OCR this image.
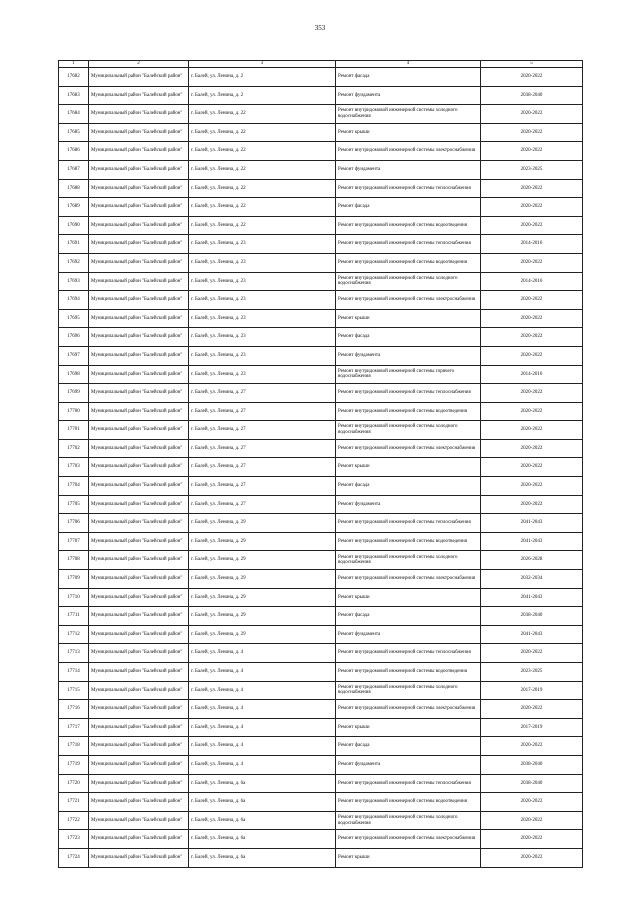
353
1	2	3	4	5
17682	Муниципальный район "Балейский район"	г. Балей, ул. Ленина, д. 2	Ремонт фасада	2020-2022
17683	Муниципальный район "Балейский район"	г. Балей, ул. Ленина, д. 2	Ремонт фундамента	2038-2040
17684	Муниципальный район "Балейский район"	г. Балей, ул. Ленина, д. 22	Ремонт внутридомовой инженерной системы холодного водоснабжения	2020-2022
17685	Муниципальный район "Балейский район"	г. Балей, ул. Ленина, д. 22	Ремонт крыши	2020-2022
17686	Муниципальный район "Балейский район"	г. Балей, ул. Ленина, д. 22	Ремонт внутридомовой инженерной системы электроснабжения	2020-2022
17687	Муниципальный район "Балейский район"	г. Балей, ул. Ленина, д. 22	Ремонт фундамента	2023-2025
17688	Муниципальный район "Балейский район"	г. Балей, ул. Ленина, д. 22	Ремонт внутридомовой инженерной системы теплоснабжения	2020-2022
17689	Муниципальный район "Балейский район"	г. Балей, ул. Ленина, д. 22	Ремонт фасада	2020-2022
17690	Муниципальный район "Балейский район"	г. Балей, ул. Ленина, д. 22	Ремонт внутридомовой инженерной системы водоотведения	2020-2022
17691	Муниципальный район "Балейский район"	г. Балей, ул. Ленина, д. 23	Ремонт внутридомовой инженерной системы теплоснабжения	2014-2016
17692	Муниципальный район "Балейский район"	г. Балей, ул. Ленина, д. 23	Ремонт внутридомовой инженерной системы водоотведения	2020-2022
17693	Муниципальный район "Балейский район"	г. Балей, ул. Ленина, д. 23	Ремонт внутридомовой инженерной системы холодного водоснабжения	2014-2016
17694	Муниципальный район "Балейский район"	г. Балей, ул. Ленина, д. 23	Ремонт внутридомовой инженерной системы электроснабжения	2020-2022
17695	Муниципальный район "Балейский район"	г. Балей, ул. Ленина, д. 23	Ремонт крыши	2020-2022
17696	Муниципальный район "Балейский район"	г. Балей, ул. Ленина, д. 23	Ремонт фасада	2020-2022
17697	Муниципальный район "Балейский район"	г. Балей, ул. Ленина, д. 23	Ремонт фундамента	2020-2022
17698	Муниципальный район "Балейский район"	г. Балей, ул. Ленина, д. 23	Ремонт внутридомовой инженерной системы горячего водоснабжения	2014-2016
17699	Муниципальный район "Балейский район"	г. Балей, ул. Ленина, д. 27	Ремонт внутридомовой инженерной системы теплоснабжения	2020-2022
17700	Муниципальный район "Балейский район"	г. Балей, ул. Ленина, д. 27	Ремонт внутридомовой инженерной системы водоотведения	2020-2022
17701	Муниципальный район "Балейский район"	г. Балей, ул. Ленина, д. 27	Ремонт внутридомовой инженерной системы холодного водоснабжения	2020-2022
17702	Муниципальный район "Балейский район"	г. Балей, ул. Ленина, д. 27	Ремонт внутридомовой инженерной системы электроснабжения	2020-2022
17703	Муниципальный район "Балейский район"	г. Балей, ул. Ленина, д. 27	Ремонт крыши	2020-2022
17704	Муниципальный район "Балейский район"	г. Балей, ул. Ленина, д. 27	Ремонт фасада	2020-2022
17705	Муниципальный район "Балейский район"	г. Балей, ул. Ленина, д. 27	Ремонт фундамента	2020-2022
17706	Муниципальный район "Балейский район"	г. Балей, ул. Ленина, д. 29	Ремонт внутридомовой инженерной системы теплоснабжения	2041-2043
17707	Муниципальный район "Балейский район"	г. Балей, ул. Ленина, д. 29	Ремонт внутридомовой инженерной системы водоотведения	2041-2043
17708	Муниципальный район "Балейский район"	г. Балей, ул. Ленина, д. 29	Ремонт внутридомовой инженерной системы холодного водоснабжения	2026-2028
17709	Муниципальный район "Балейский район"	г. Балей, ул. Ленина, д. 29	Ремонт внутридомовой инженерной системы электроснабжения	2032-2034
17710	Муниципальный район "Балейский район"	г. Балей, ул. Ленина, д. 29	Ремонт крыши	2041-2043
17711	Муниципальный район "Балейский район"	г. Балей, ул. Ленина, д. 29	Ремонт фасада	2038-2040
17712	Муниципальный район "Балейский район"	г. Балей, ул. Ленина, д. 29	Ремонт фундамента	2041-2043
17713	Муниципальный район "Балейский район"	г. Балей, ул. Ленина, д. 4	Ремонт внутридомовой инженерной системы теплоснабжения	2020-2022
17714	Муниципальный район "Балейский район"	г. Балей, ул. Ленина, д. 4	Ремонт внутридомовой инженерной системы водоотведения	2023-2025
17715	Муниципальный район "Балейский район"	г. Балей, ул. Ленина, д. 4	Ремонт внутридомовой инженерной системы холодного водоснабжения	2017-2019
17716	Муниципальный район "Балейский район"	г. Балей, ул. Ленина, д. 4	Ремонт внутридомовой инженерной системы электроснабжения	2020-2022
17717	Муниципальный район "Балейский район"	г. Балей, ул. Ленина, д. 4	Ремонт крыши	2017-2019
17718	Муниципальный район "Балейский район"	г. Балей, ул. Ленина, д. 4	Ремонт фасада	2020-2022
17719	Муниципальный район "Балейский район"	г. Балей, ул. Ленина, д. 4	Ремонт фундамента	2038-2040
17720	Муниципальный район "Балейский район"	г. Балей, ул. Ленина, д. 6а	Ремонт внутридомовой инженерной системы теплоснабжения	2038-2040
17721	Муниципальный район "Балейский район"	г. Балей, ул. Ленина, д. 6а	Ремонт внутридомовой инженерной системы водоотведения	2020-2022
17722	Муниципальный район "Балейский район"	г. Балей, ул. Ленина, д. 6а	Ремонт внутридомовой инженерной системы холодного водоснабжения	2020-2022
17723	Муниципальный район "Балейский район"	г. Балей, ул. Ленина, д. 6а	Ремонт внутридомовой инженерной системы электроснабжения	2020-2022
17724	Муниципальный район "Балейский район"	г. Балей, ул. Ленина, д. 6а	Ремонт крыши	2020-2022
